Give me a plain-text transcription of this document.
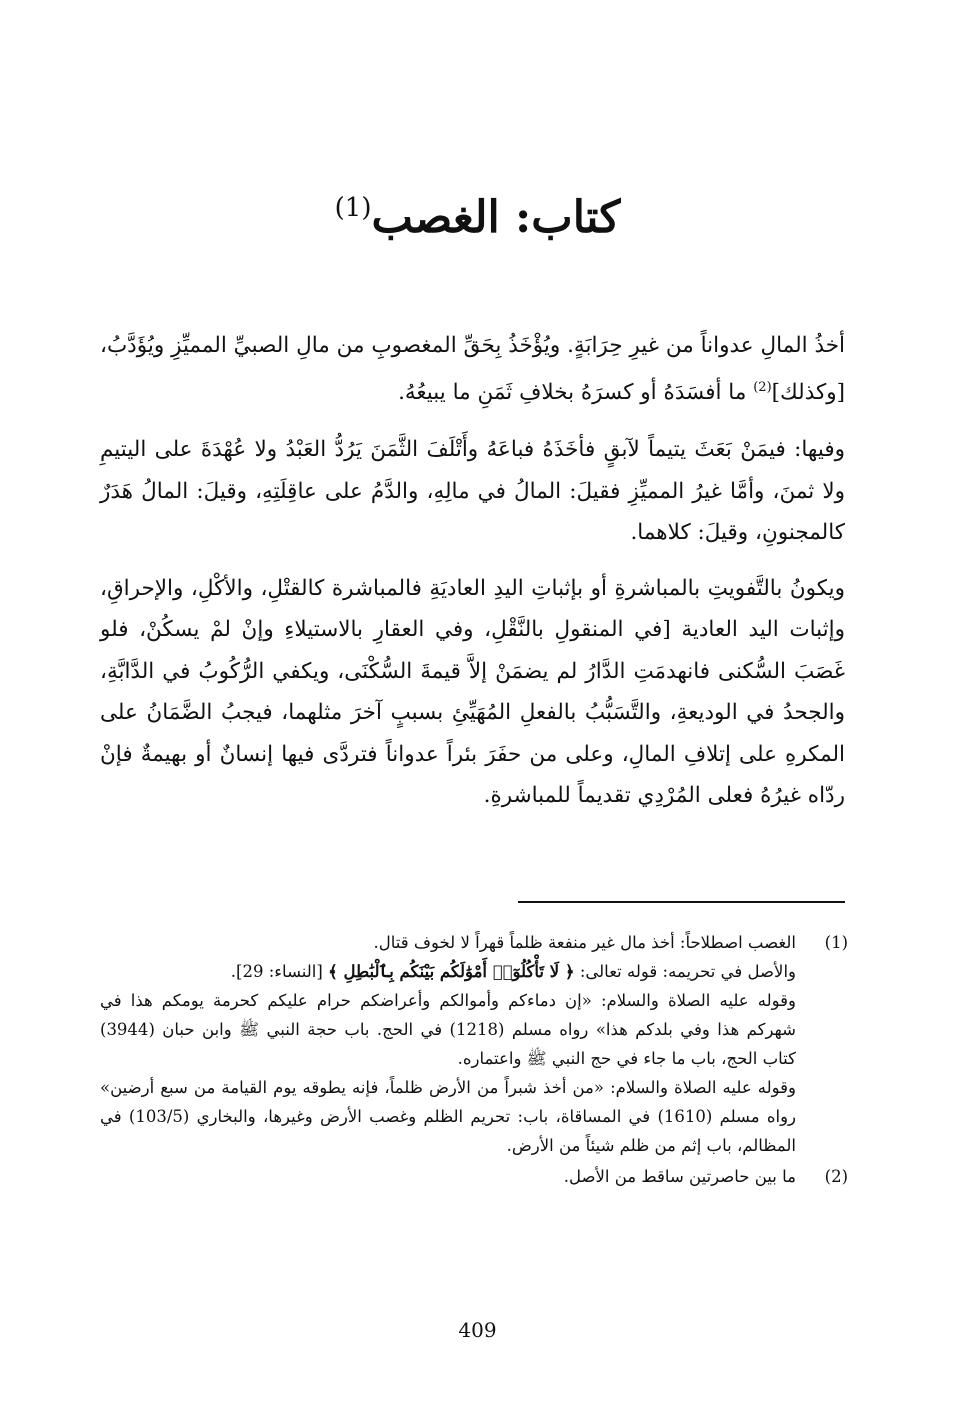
كتاب: الغصب$^{(1)}$

أخذُ المالِ عدواناً من غيرِ حِرَابَةٍ. ويُؤْخَذُ بِحَقِّ المغصوبِ من مالِ الصبيِّ المميِّزِ ويُؤَدَّبُ، [وكذلك]$^{(2)}$ ما أفسَدَهُ أو كسرَهُ بخلافِ ثَمَنِ ما يبيعُهُ.

وفيها: فيمَنْ بَعَثَ يتيماً لآبقٍ فأخَذَهُ فباعَهُ وأَتْلَفَ الثَّمَنَ يَرُدُّ العَبْدُ ولا عُهْدَةَ على اليتيمِ ولا ثمنَ، وأمَّا غيرُ المميِّزِ فقيلَ: المالُ في مالِهِ، والدَّمُ على عاقِلَتِهِ، وقيلَ: المالُ هَدَرٌ كالمجنونِ، وقيلَ: كلاهما.

ويكونُ بالتَّفويتِ بالمباشرةِ أو بإثباتِ اليدِ العاديَةِ فالمباشرة كالقتْلِ، والأكْلِ، والإحراقِ، وإثبات اليد العادية [في المنقولِ بالنَّقْلِ، وفي العقارِ بالاستيلاءِ وإنْ لمْ يسكُنْ، فلو غَصَبَ السُّكنى فانهدمَتِ الدَّارُ لم يضمَنْ إلاَّ قيمةَ السُّكْنَى، ويكفي الرُّكُوبُ في الدَّابَّةِ، والجحدُ في الوديعةِ، والتَّسَبُّبُ بالفعلِ المُهَيِّئِ بسببٍ آخرَ مثلهما، فيجبُ الضَّمَانُ على المكرهِ على إتلافِ المالِ، وعلى من حفَرَ بئراً عدواناً فتردَّى فيها إنسانٌ أو بهيمةٌ فإنْ ردّاه غيرُهُ فعلى المُرْدِي تقديماً للمباشرةِ.

(1)
الغصب اصطلاحاً: أخذ مال غير منفعة ظلماً قهراً لا لخوف قتال.
والأصل في تحريمه: قوله تعالى: ﴿ لَا تَأْكُلُوٓا۟ أَمْوَٰلَكُم بَيْنَكُم بِٱلْبَٰطِلِ ﴾ [النساء: 29].
وقوله عليه الصلاة والسلام: «إن دماءكم وأموالكم وأعراضكم حرام عليكم كحرمة يومكم هذا في شهركم هذا وفي بلدكم هذا» رواه مسلم (1218) في الحج. باب حجة النبي ﷺ وابن حبان (3944) كتاب الحج، باب ما جاء في حج النبي ﷺ واعتماره.
وقوله عليه الصلاة والسلام: «من أخذ شبراً من الأرض ظلماً، فإنه يطوقه يوم القيامة من سبع أرضين» رواه مسلم (1610) في المساقاة، باب: تحريم الظلم وغصب الأرض وغيرها، والبخاري (103/5) في المظالم، باب إثم من ظلم شيئاً من الأرض.
(2)
ما بين حاصرتين ساقط من الأصل.
409
